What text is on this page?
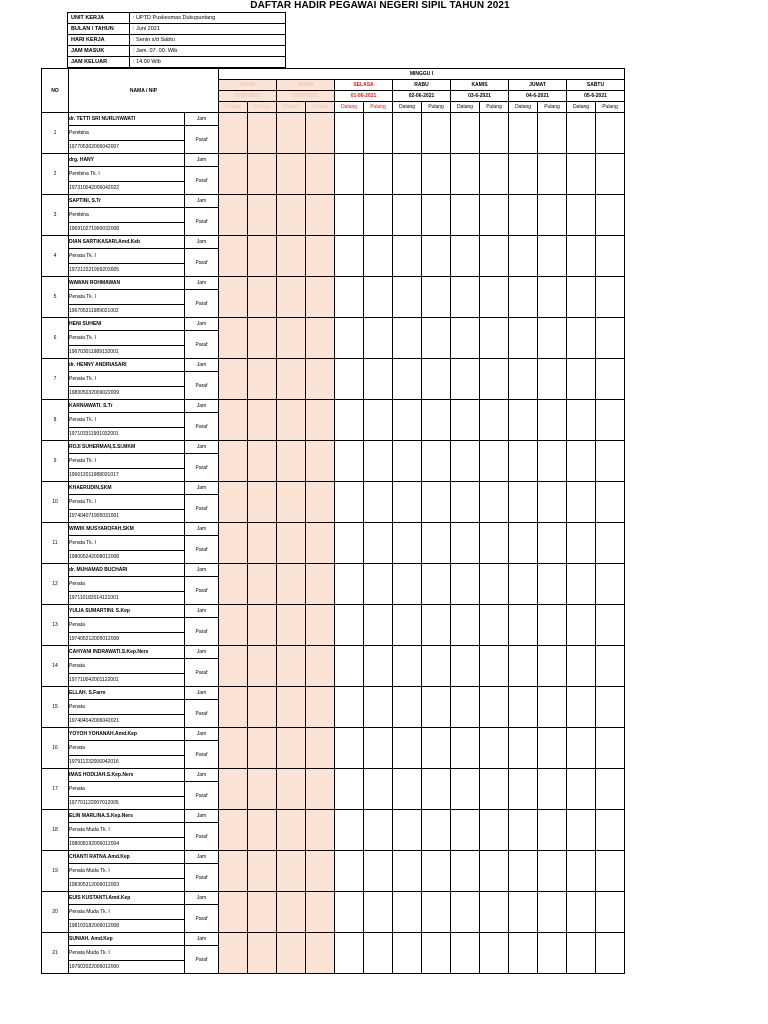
DAFTAR HADIR PEGAWAI NEGERI SIPIL TAHUN 2021
UNIT KERJA	: UPTD Puskesmas Dukupuntang
BULAN / TAHUN	: Juni 2021
HARI KERJA	: Senin s/d Sabtu
JAM MASUK	: Jam. 07. 00. Wib
JAM KELUAR	: 14.00 Wib
NO	NAMA / NIP		MINGGU I													
			SENIN		SENIN		SELASA		RABU		KAMIS		JUMAT		SABTU	
			31-05-2021		31-05-2021		01-06-2021		02-06-2021		03-6-2021		04-6-2021		05-6-2021	
			Datang	Pulang	Datang	Pulang	Datang	Pulang	Datang	Pulang	Datang	Pulang	Datang	Pulang	Datang	Pulang
1	dr. TETTI SRI NURLIYAWATI	Jam														
	Pembina	Paraf														
	197705302006042007															
2	drg. HANY	Jam														
	Pembina Tk. I	Paraf														
	197310042006042022															
3	SAPTINI, S.Tr	Jam														
	Pembina	Paraf														
	196910271990032008															
4	DIAN SARTIKASARI.Amd.Keb	Jam														
	Penata Tk. I	Paraf														
	197212221999203005															
5	WAWAN ROHMAWAN	Jam														
	Penata Tk. I	Paraf														
	196705311989021002															
6	HENI SUHENI	Jam														
	Penata Tk. I	Paraf														
	196703011989132001															
7	dr. HENNY ANDRIASARI	Jam														
	Penata Tk. I	Paraf														
	198305032009022009															
8	KARNIAWATI. S.Tr	Jam														
	Penata Tk. I	Paraf														
	197103311991032001															
9	ROJI SUHERMAN,S.SI.MKM	Jam														
	Penata Tk. I	Paraf														
	196612011988031017															
10	KHAERUDIN,SKM	Jam														
	Penata Tk. I	Paraf														
	197404071995031001															
11	WIWIK MUSYAROFAH,SKM	Jam														
	Penata Tk. I	Paraf														
	198005242008012008															
12	dr. MUHAMAD BUCHARI	Jam														
	Penata	Paraf														
	197110182014121001															
13	YULIA SUMARTINI. S.Kep	Jam														
	Penata	Paraf														
	197405212005012008															
14	CAHYANI INDRAWATI.S.Kep.Ners	Jam														
	Penata	Paraf														
	197710042001122001															
15	ELLAH. S.Farm	Jam														
	Penata	Paraf														
	197404042006042021															
16	YOYOH YOHANAH.Amd.Kep	Jam														
	Penata	Paraf														
	197911232006042016															
17	IMAS HODIJAH.S.Kep.Ners	Jam														
	Penata	Paraf														
	197701122007012005															
18	ELIN MARLINA.S.Kep.Ners	Jam														
	Penata Muda Tk. I	Paraf														
	198008192006012004															
19	CHANTI RATNA.Amd.Kep	Jam														
	Penata Muda Tk. I	Paraf														
	198305312006012003															
20	EUIS KUSTANTI.Amd.Kep	Jam														
	Penata Muda Tk. I	Paraf														
	198103182006012008															
21	SUNIAH. Amd.Kep	Jam														
	Penata Muda Tk. I	Paraf														
	197902022006012000															
